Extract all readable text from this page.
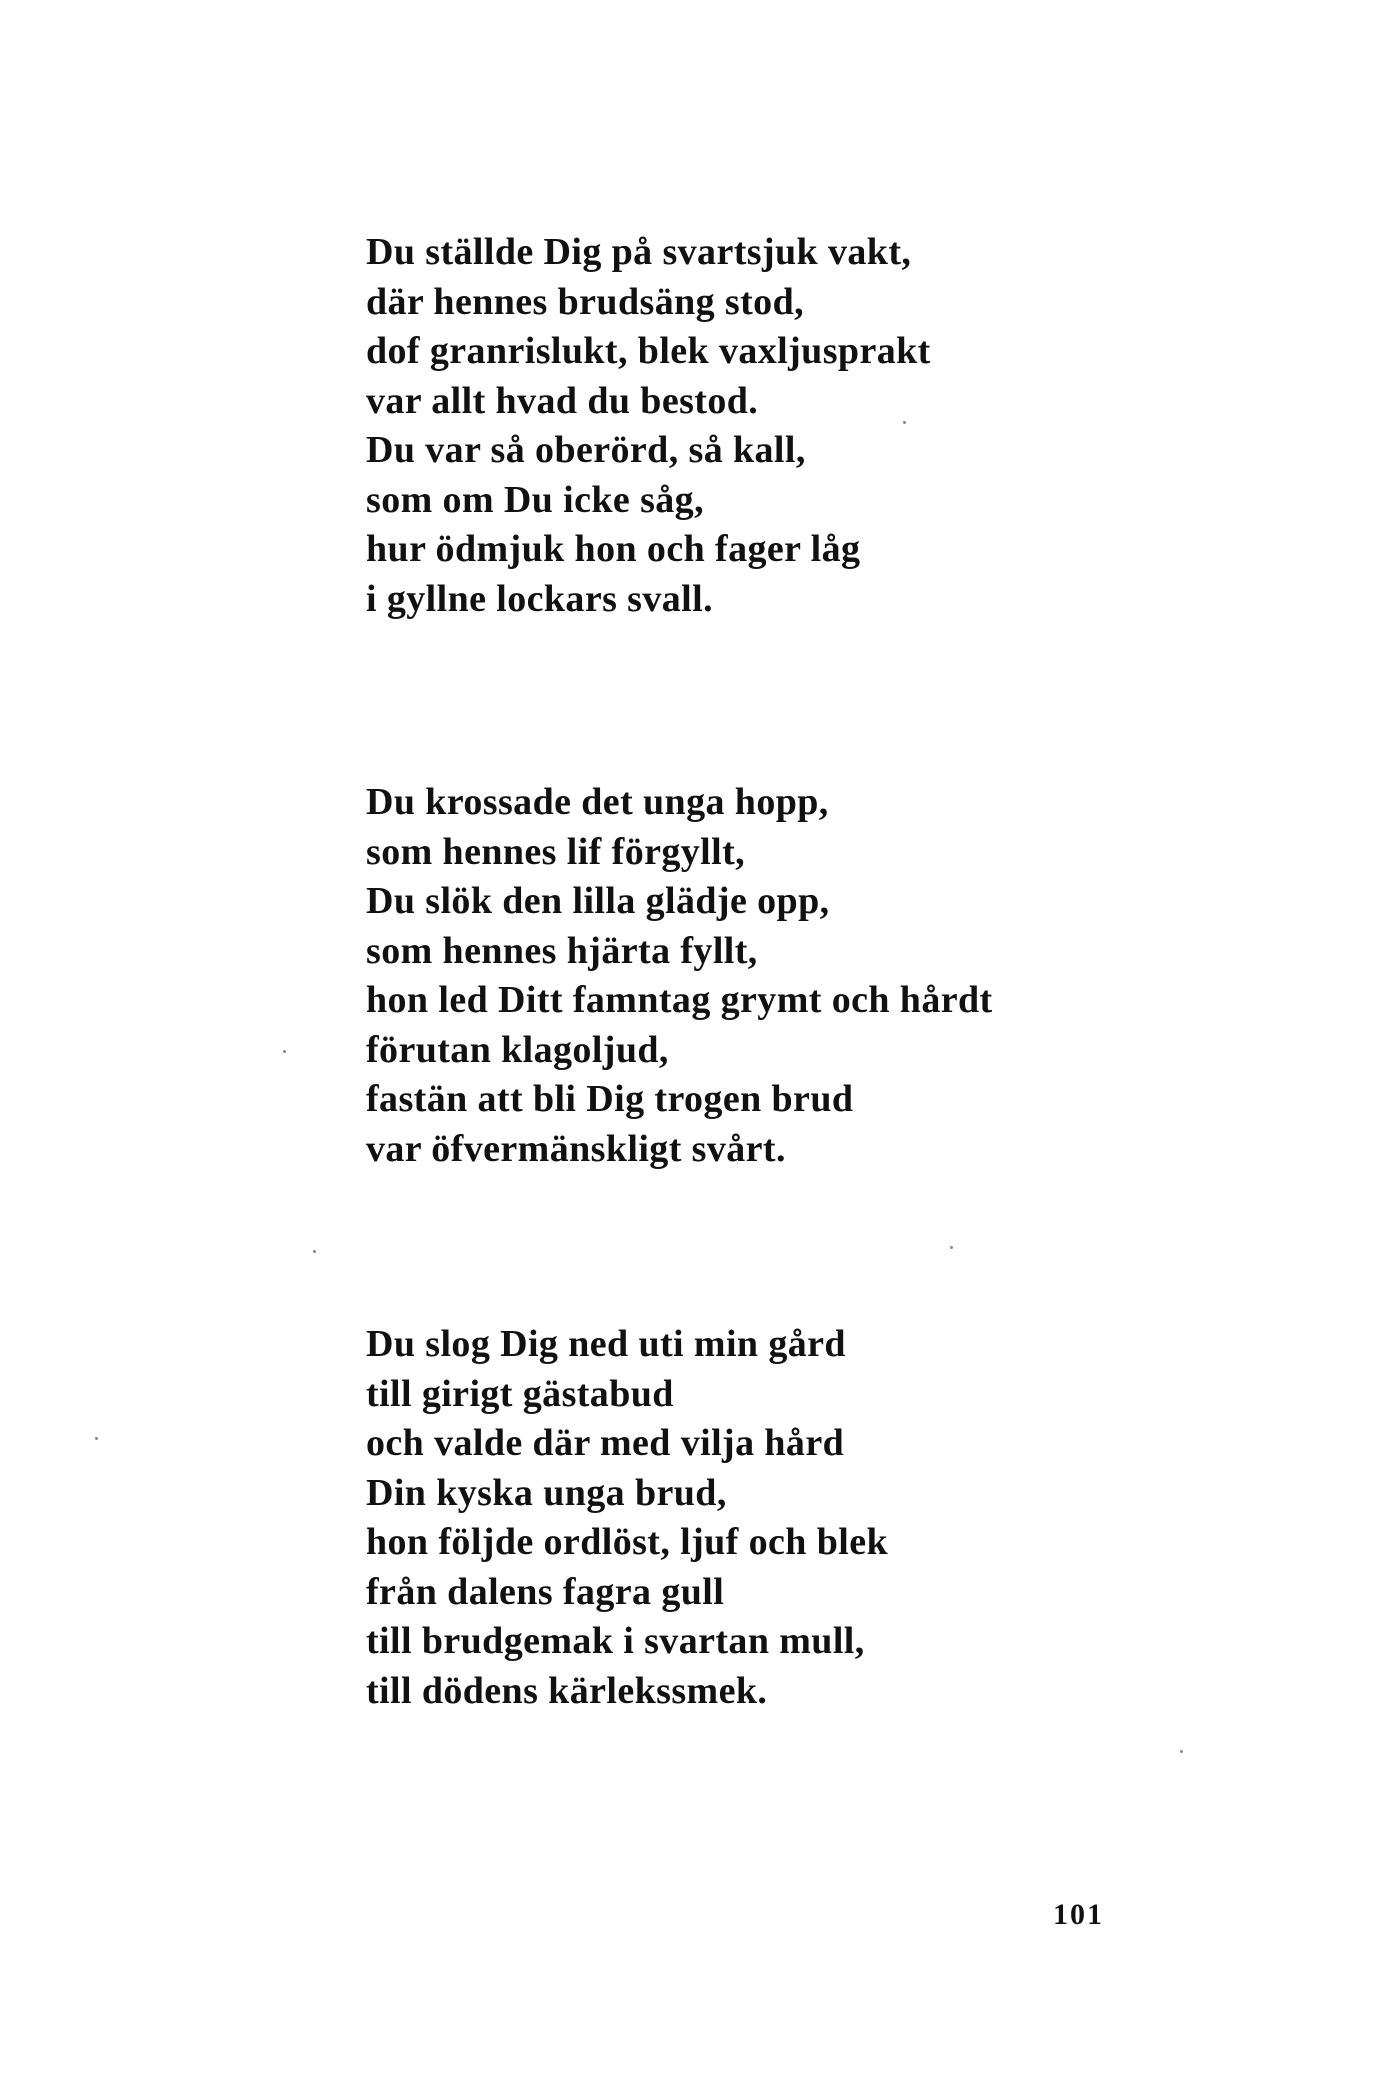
Du ställde Dig på svartsjuk vakt,
där hennes brudsäng stod,
dof granrislukt, blek vaxljusprakt
var allt hvad du bestod.
Du var så oberörd, så kall,
som om Du icke såg,
hur ödmjuk hon och fager låg
i gyllne lockars svall.
Du krossade det unga hopp,
som hennes lif förgyllt,
Du slök den lilla glädje opp,
som hennes hjärta fyllt,
hon led Ditt famntag grymt och hårdt
förutan klagoljud,
fastän att bli Dig trogen brud
var öfvermänskligt svårt.
Du slog Dig ned uti min gård
till girigt gästabud
och valde där med vilja hård
Din kyska unga brud,
hon följde ordlöst, ljuf och blek
från dalens fagra gull
till brudgemak i svartan mull,
till dödens kärlekssmek.
101
